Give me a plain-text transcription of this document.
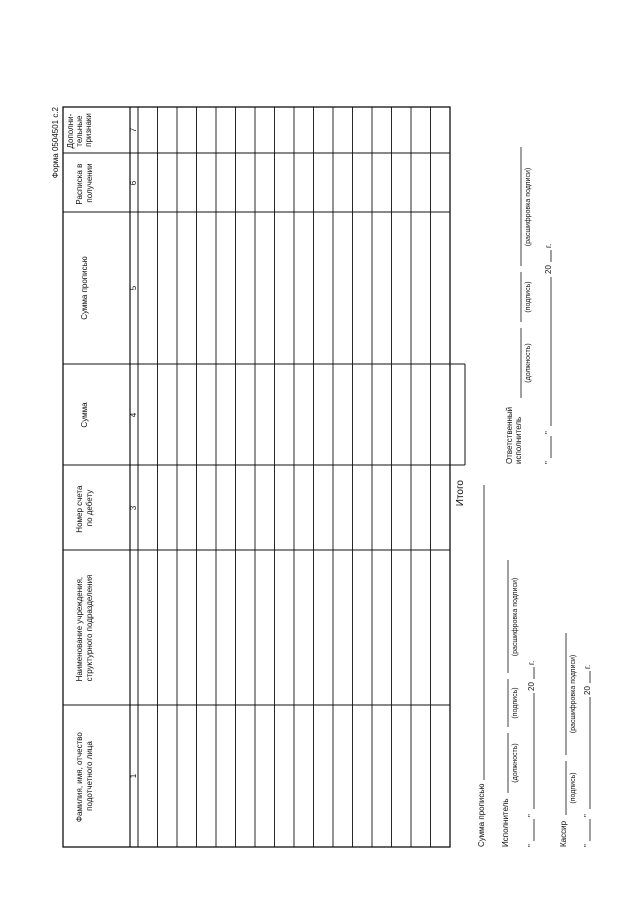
Форма 0504501 с.2
Фамилия, имя, отчество подотчетного лица
Наименование учреждения, структурного подразделения
Номер счета по дебету
Сумма
Сумма прописью
Расписка в получении
Дополни- тельные признаки
1
3
4
5
6
7
Итого
Сумма прописью Исполнитель
(должность)
(подпись)
(расшифровка подписи)
"
"
20
г.
Кассир
(подпись)
(расшифровка подписи)
"
"
20
г.
Ответственный исполнитель
(должность)
(подпись)
(расшифровка подписи)
"
"
20
г.
